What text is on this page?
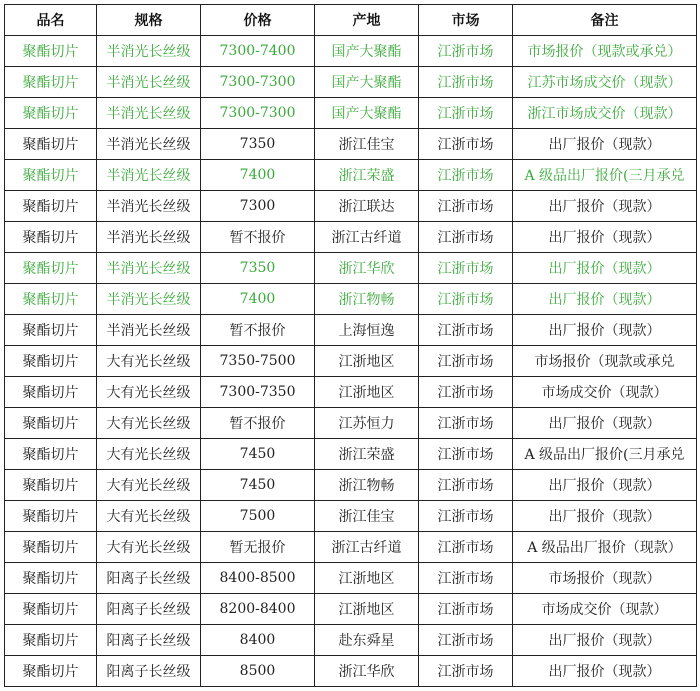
品名	规格	价格	产地	市场	备注
聚酯切片	半消光长丝级	7300-7400	国产大聚酯	江浙市场	市场报价（现款或承兑）
聚酯切片	半消光长丝级	7300-7300	国产大聚酯	江浙市场	江苏市场成交价（现款）
聚酯切片	半消光长丝级	7300-7300	国产大聚酯	江浙市场	浙江市场成交价（现款）
聚酯切片	半消光长丝级	7350	浙江佳宝	江浙市场	出厂报价（现款）
聚酯切片	半消光长丝级	7400	浙江荣盛	江浙市场	A 级品出厂报价(三月承兑
聚酯切片	半消光长丝级	7300	浙江联达	江浙市场	出厂报价（现款）
聚酯切片	半消光长丝级	暂不报价	浙江古纤道	江浙市场	出厂报价（现款）
聚酯切片	半消光长丝级	7350	浙江华欣	江浙市场	出厂报价（现款）
聚酯切片	半消光长丝级	7400	浙江物畅	江浙市场	出厂报价（现款）
聚酯切片	半消光长丝级	暂不报价	上海恒逸	江浙市场	出厂报价（现款）
聚酯切片	大有光长丝级	7350-7500	江浙地区	江浙市场	市场报价（现款或承兑
聚酯切片	大有光长丝级	7300-7350	江浙地区	江浙市场	市场成交价（现款）
聚酯切片	大有光长丝级	暂不报价	江苏恒力	江浙市场	出厂报价（现款）
聚酯切片	大有光长丝级	7450	浙江荣盛	江浙市场	A 级品出厂报价(三月承兑
聚酯切片	大有光长丝级	7450	浙江物畅	江浙市场	出厂报价（现款）
聚酯切片	大有光长丝级	7500	浙江佳宝	江浙市场	出厂报价（现款）
聚酯切片	大有光长丝级	暂无报价	浙江古纤道	江浙市场	A 级品出厂报价（现款）
聚酯切片	阳离子长丝级	8400-8500	江浙地区	江浙市场	市场报价（现款）
聚酯切片	阳离子长丝级	8200-8400	江浙地区	江浙市场	市场成交价（现款）
聚酯切片	阳离子长丝级	8400	赴东舜星	江浙市场	出厂报价（现款）
聚酯切片	阳离子长丝级	8500	浙江华欣	江浙市场	出厂报价（现款）
